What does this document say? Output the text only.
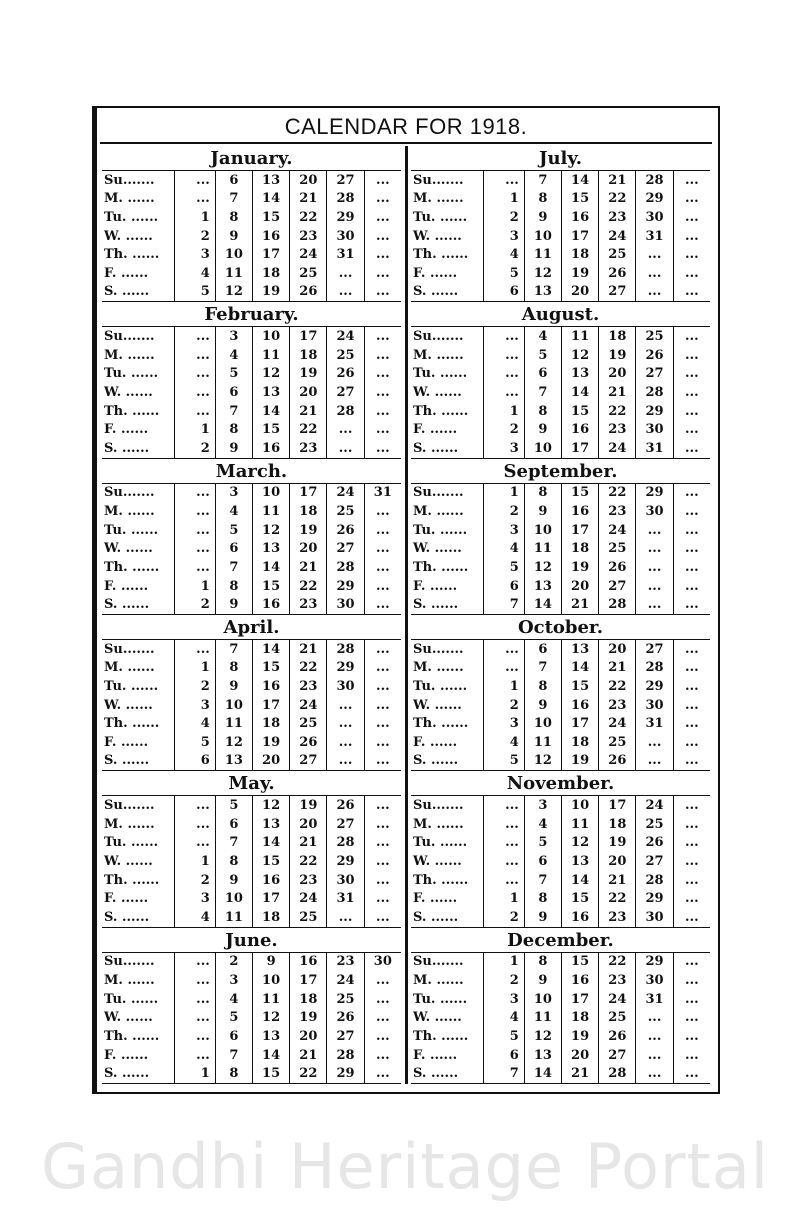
CALENDAR FOR 1918.
January.
Su.......	...	6	13	20	27	...
M. ......	...	7	14	21	28	...
Tu. ......	1	8	15	22	29	...
W. ......	2	9	16	23	30	...
Th. ......	3	10	17	24	31	...
F. ......	4	11	18	25	...	...
S. ......	5	12	19	26	...	...
July.
Su.......	...	7	14	21	28	...
M. ......	1	8	15	22	29	...
Tu. ......	2	9	16	23	30	...
W. ......	3	10	17	24	31	...
Th. ......	4	11	18	25	...	...
F. ......	5	12	19	26	...	...
S. ......	6	13	20	27	...	...
February.
Su.......	...	3	10	17	24	...
M. ......	...	4	11	18	25	...
Tu. ......	...	5	12	19	26	...
W. ......	...	6	13	20	27	...
Th. ......	...	7	14	21	28	...
F. ......	1	8	15	22	...	...
S. ......	2	9	16	23	...	...
August.
Su.......	...	4	11	18	25	...
M. ......	...	5	12	19	26	...
Tu. ......	...	6	13	20	27	...
W. ......	...	7	14	21	28	...
Th. ......	1	8	15	22	29	...
F. ......	2	9	16	23	30	...
S. ......	3	10	17	24	31	...
March.
Su.......	...	3	10	17	24	31
M. ......	...	4	11	18	25	...
Tu. ......	...	5	12	19	26	...
W. ......	...	6	13	20	27	...
Th. ......	...	7	14	21	28	...
F. ......	1	8	15	22	29	...
S. ......	2	9	16	23	30	...
September.
Su.......	1	8	15	22	29	...
M. ......	2	9	16	23	30	...
Tu. ......	3	10	17	24	...	...
W. ......	4	11	18	25	...	...
Th. ......	5	12	19	26	...	...
F. ......	6	13	20	27	...	...
S. ......	7	14	21	28	...	...
April.
Su.......	...	7	14	21	28	...
M. ......	1	8	15	22	29	...
Tu. ......	2	9	16	23	30	...
W. ......	3	10	17	24	...	...
Th. ......	4	11	18	25	...	...
F. ......	5	12	19	26	...	...
S. ......	6	13	20	27	...	...
October.
Su.......	...	6	13	20	27	...
M. ......	...	7	14	21	28	...
Tu. ......	1	8	15	22	29	...
W. ......	2	9	16	23	30	...
Th. ......	3	10	17	24	31	...
F. ......	4	11	18	25	...	...
S. ......	5	12	19	26	...	...
May.
Su.......	...	5	12	19	26	...
M. ......	...	6	13	20	27	...
Tu. ......	...	7	14	21	28	...
W. ......	1	8	15	22	29	...
Th. ......	2	9	16	23	30	...
F. ......	3	10	17	24	31	...
S. ......	4	11	18	25	...	...
November.
Su.......	...	3	10	17	24	...
M. ......	...	4	11	18	25	...
Tu. ......	...	5	12	19	26	...
W. ......	...	6	13	20	27	...
Th. ......	...	7	14	21	28	...
F. ......	1	8	15	22	29	...
S. ......	2	9	16	23	30	...
June.
Su.......	...	2	9	16	23	30
M. ......	...	3	10	17	24	...
Tu. ......	...	4	11	18	25	...
W. ......	...	5	12	19	26	...
Th. ......	...	6	13	20	27	...
F. ......	...	7	14	21	28	...
S. ......	1	8	15	22	29	...
December.
Su.......	1	8	15	22	29	...
M. ......	2	9	16	23	30	...
Tu. ......	3	10	17	24	31	...
W. ......	4	11	18	25	...	...
Th. ......	5	12	19	26	...	...
F. ......	6	13	20	27	...	...
S. ......	7	14	21	28	...	...
Gandhi Heritage Portal
